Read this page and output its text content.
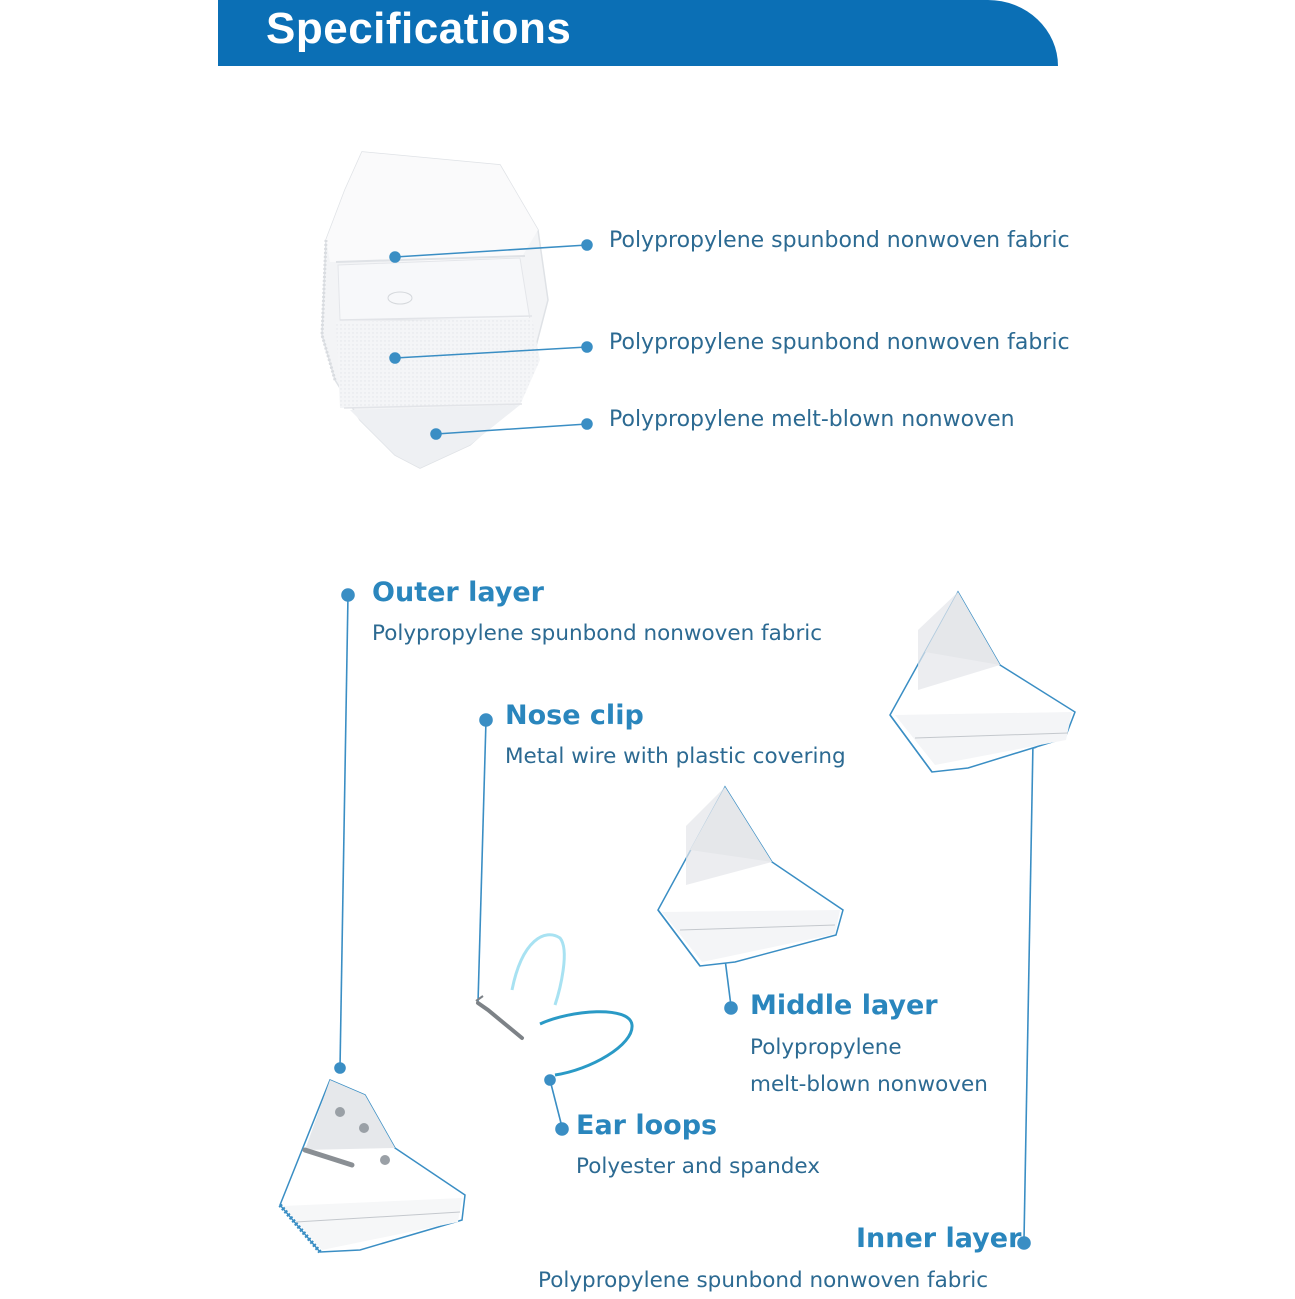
Specifications
Polypropylene spunbond nonwoven fabric
Polypropylene spunbond nonwoven fabric
Polypropylene melt-blown nonwoven
Outer layer
Polypropylene spunbond nonwoven fabric
Nose clip
Metal wire with plastic covering
Middle layer
Polypropylene
melt-blown nonwoven
Ear loops
Polyester and spandex
Inner layer
Polypropylene spunbond nonwoven fabric
